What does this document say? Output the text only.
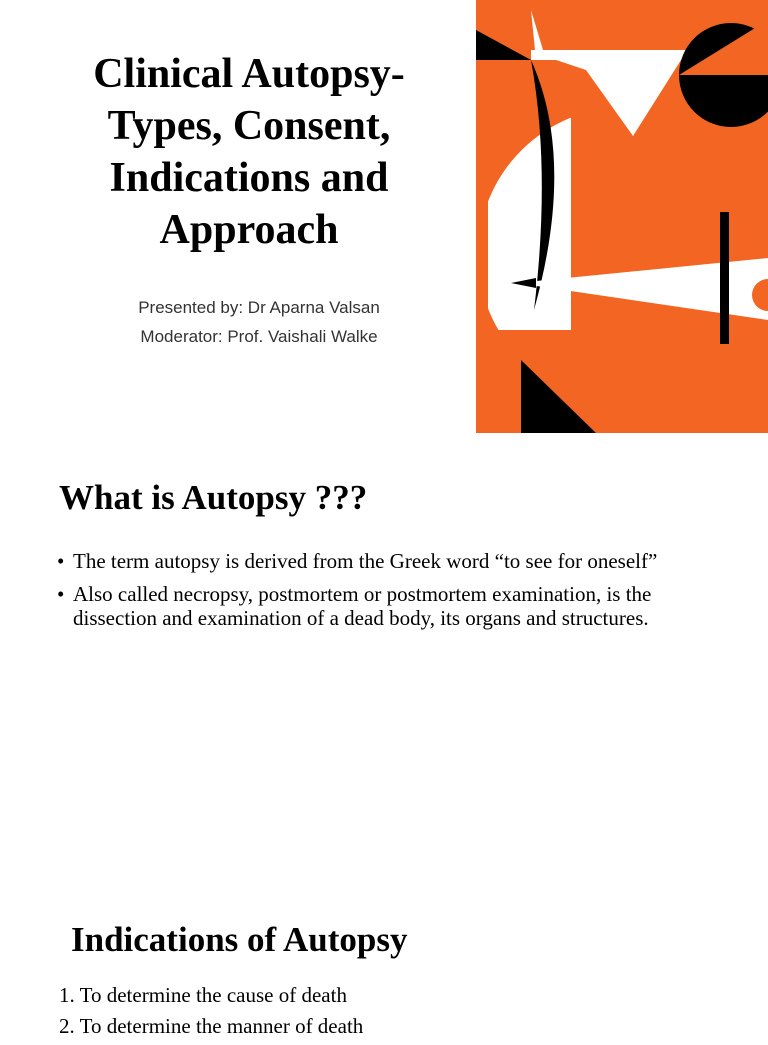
Clinical Autopsy-
Types, Consent,
Indications and
Approach
Presented by: Dr Aparna Valsan
Moderator: Prof. Vaishali Walke
What is Autopsy ???
• The term autopsy is derived from the Greek word “to see for oneself”
• Also called necropsy, postmortem or postmortem examination, is the dissection and examination of a dead body, its organs and structures.
Indications of Autopsy
1. To determine the cause of death
2. To determine the manner of death
